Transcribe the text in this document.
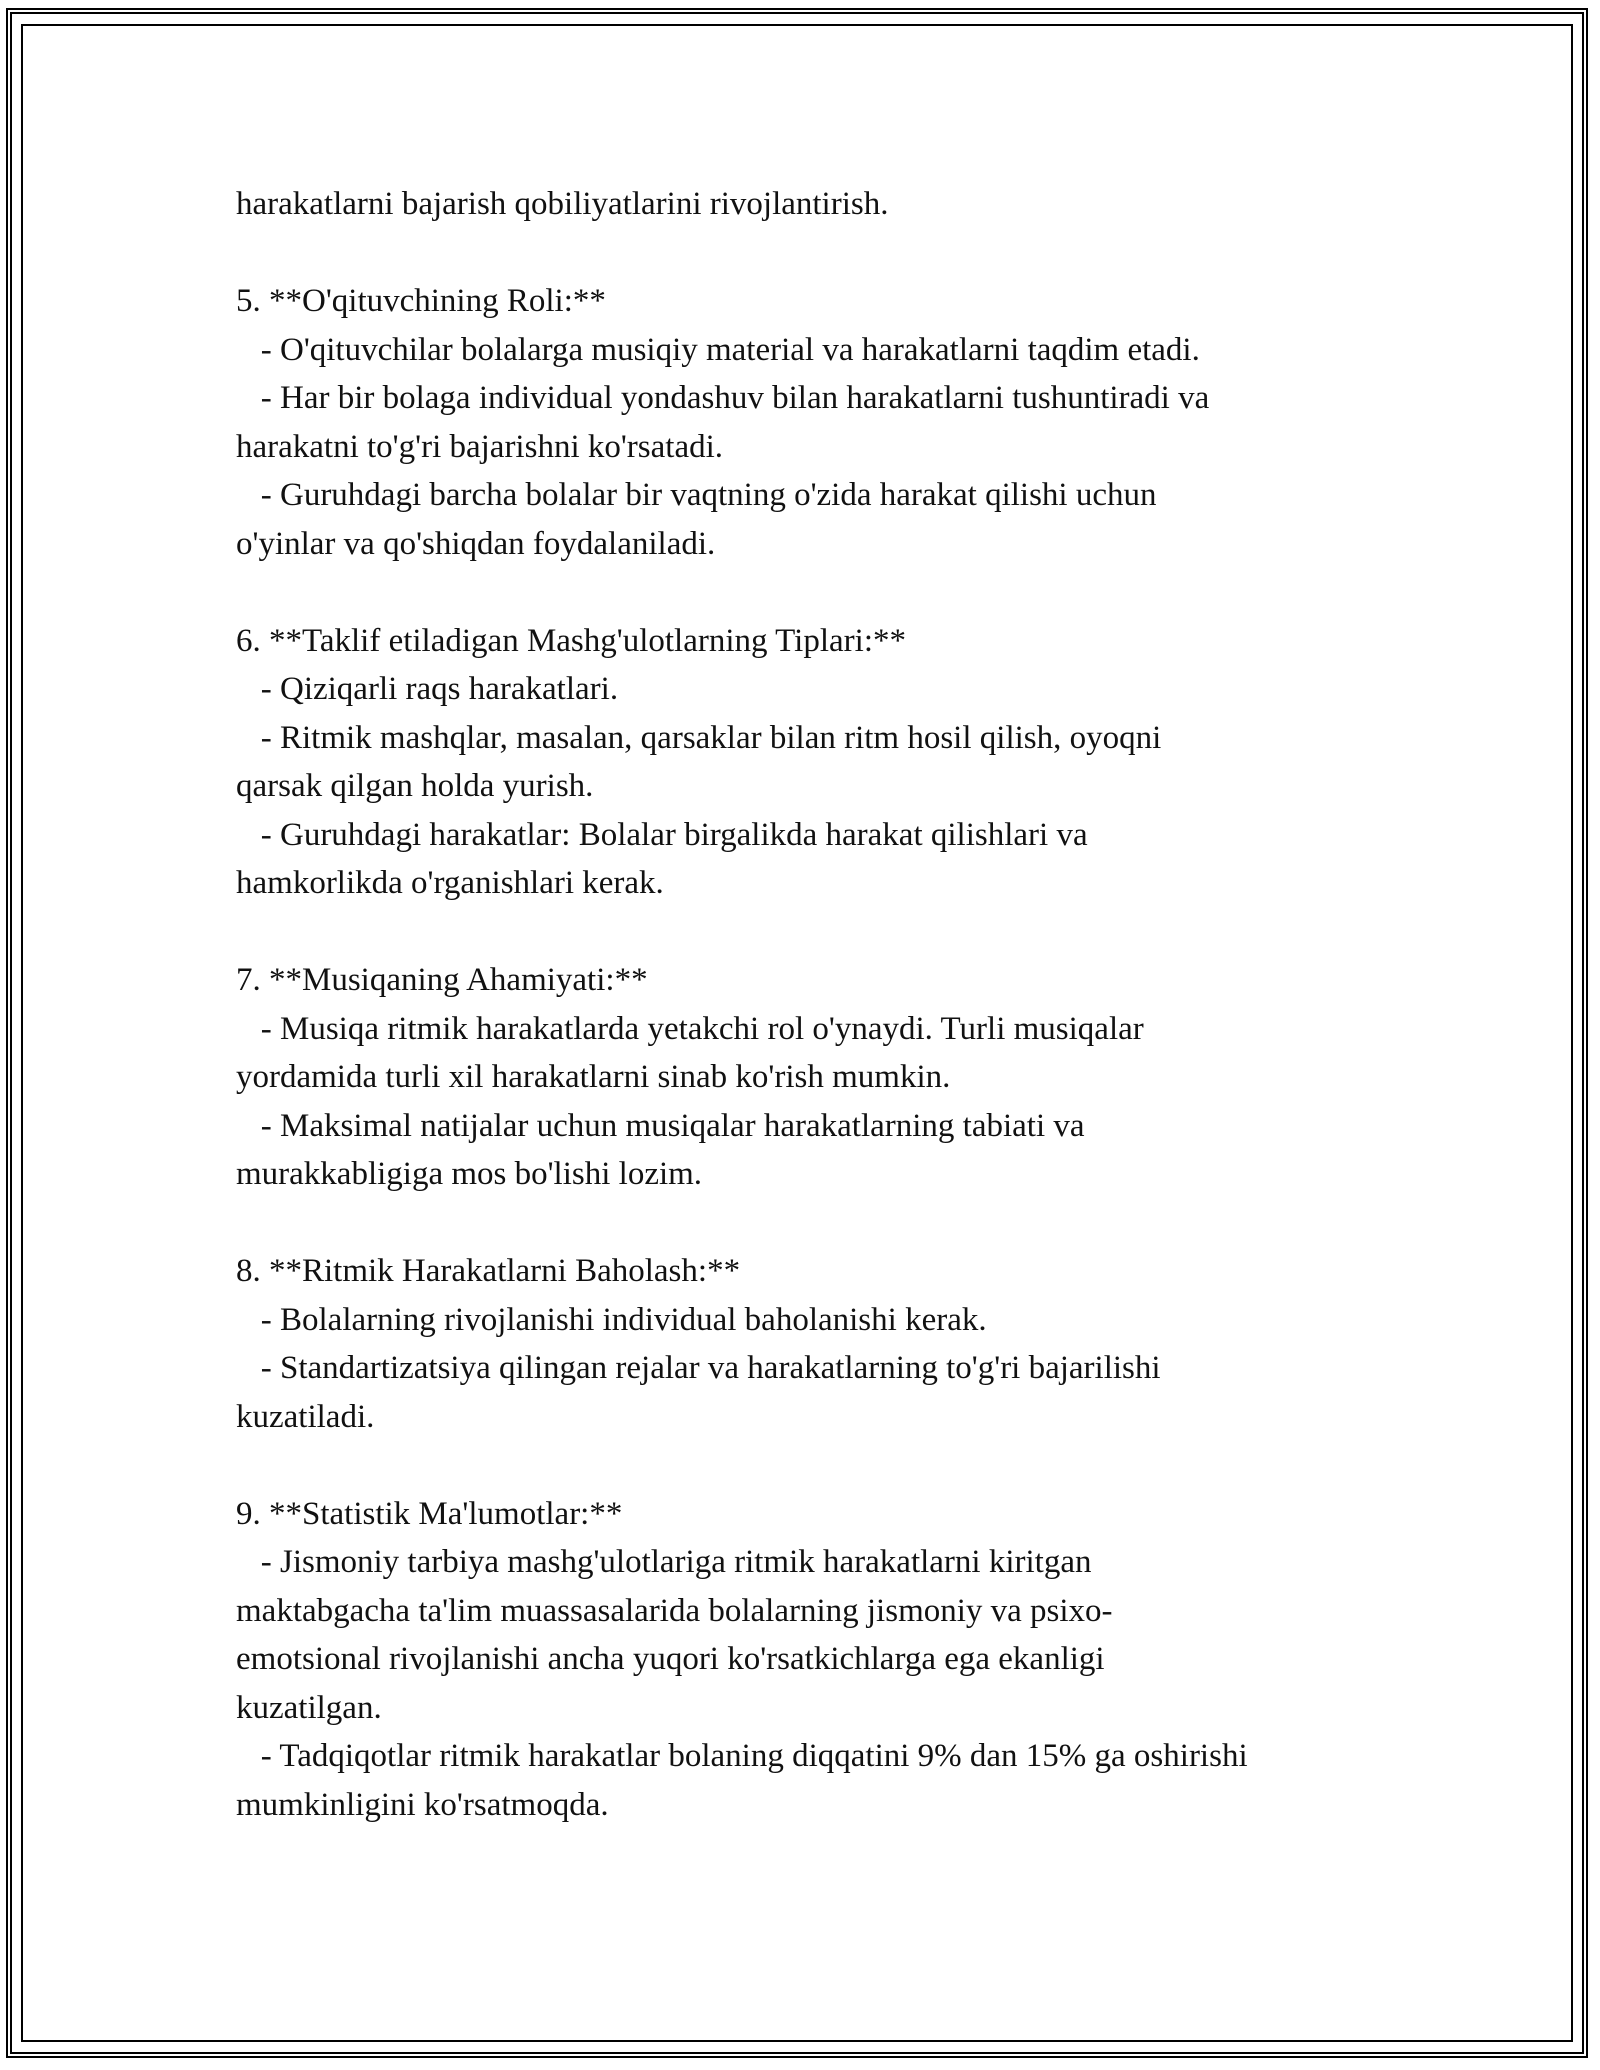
harakatlarni bajarish qobiliyatlarini rivojlantirish.

5. **O'qituvchining Roli:**

- O'qituvchilar bolalarga musiqiy material va harakatlarni taqdim etadi.

- Har bir bolaga individual yondashuv bilan harakatlarni tushuntiradi va

harakatni to'g'ri bajarishni ko'rsatadi.

- Guruhdagi barcha bolalar bir vaqtning o'zida harakat qilishi uchun

o'yinlar va qo'shiqdan foydalaniladi.

6. **Taklif etiladigan Mashg'ulotlarning Tiplari:**

- Qiziqarli raqs harakatlari.

- Ritmik mashqlar, masalan, qarsaklar bilan ritm hosil qilish, oyoqni

qarsak qilgan holda yurish.

- Guruhdagi harakatlar: Bolalar birgalikda harakat qilishlari va

hamkorlikda o'rganishlari kerak.

7. **Musiqaning Ahamiyati:**

- Musiqa ritmik harakatlarda yetakchi rol o'ynaydi. Turli musiqalar

yordamida turli xil harakatlarni sinab ko'rish mumkin.

- Maksimal natijalar uchun musiqalar harakatlarning tabiati va

murakkabligiga mos bo'lishi lozim.

8. **Ritmik Harakatlarni Baholash:**

- Bolalarning rivojlanishi individual baholanishi kerak.

- Standartizatsiya qilingan rejalar va harakatlarning to'g'ri bajarilishi

kuzatiladi.

9. **Statistik Ma'lumotlar:**

- Jismoniy tarbiya mashg'ulotlariga ritmik harakatlarni kiritgan

maktabgacha ta'lim muassasalarida bolalarning jismoniy va psixo-

emotsional rivojlanishi ancha yuqori ko'rsatkichlarga ega ekanligi

kuzatilgan.

- Tadqiqotlar ritmik harakatlar bolaning diqqatini 9% dan 15% ga oshirishi

mumkinligini ko'rsatmoqda.
